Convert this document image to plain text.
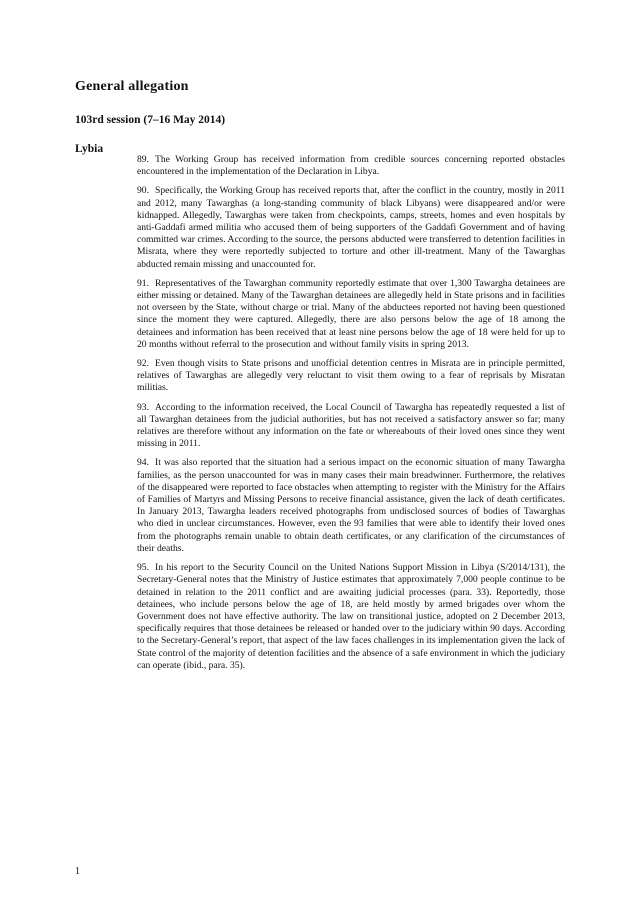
General allegation
103rd session (7–16 May 2014)
Lybia

89. The Working Group has received information from credible sources concerning reported obstacles encountered in the implementation of the Declaration in Libya.

90. Specifically, the Working Group has received reports that, after the conflict in the country, mostly in 2011 and 2012, many Tawarghas (a long-standing community of black Libyans) were disappeared and/or were kidnapped. Allegedly, Tawarghas were taken from checkpoints, camps, streets, homes and even hospitals by anti-Gaddafi armed militia who accused them of being supporters of the Gaddafi Government and of having committed war crimes. According to the source, the persons abducted were transferred to detention facilities in Misrata, where they were reportedly subjected to torture and other ill-treatment. Many of the Tawarghas abducted remain missing and unaccounted for.

91. Representatives of the Tawarghan community reportedly estimate that over 1,300 Tawargha detainees are either missing or detained. Many of the Tawarghan detainees are allegedly held in State prisons and in facilities not overseen by the State, without charge or trial. Many of the abductees reported not having been questioned since the moment they were captured. Allegedly, there are also persons below the age of 18 among the detainees and information has been received that at least nine persons below the age of 18 were held for up to 20 months without referral to the prosecution and without family visits in spring 2013.

92. Even though visits to State prisons and unofficial detention centres in Misrata are in principle permitted, relatives of Tawarghas are allegedly very reluctant to visit them owing to a fear of reprisals by Misratan militias.

93. According to the information received, the Local Council of Tawargha has repeatedly requested a list of all Tawarghan detainees from the judicial authorities, but has not received a satisfactory answer so far; many relatives are therefore without any information on the fate or whereabouts of their loved ones since they went missing in 2011.

94. It was also reported that the situation had a serious impact on the economic situation of many Tawargha families, as the person unaccounted for was in many cases their main breadwinner. Furthermore, the relatives of the disappeared were reported to face obstacles when attempting to register with the Ministry for the Affairs of Families of Martyrs and Missing Persons to receive financial assistance, given the lack of death certificates. In January 2013, Tawargha leaders received photographs from undisclosed sources of bodies of Tawarghas who died in unclear circumstances. However, even the 93 families that were able to identify their loved ones from the photographs remain unable to obtain death certificates, or any clarification of the circumstances of their deaths.

95. In his report to the Security Council on the United Nations Support Mission in Libya (S/2014/131), the Secretary-General notes that the Ministry of Justice estimates that approximately 7,000 people continue to be detained in relation to the 2011 conflict and are awaiting judicial processes (para. 33). Reportedly, those detainees, who include persons below the age of 18, are held mostly by armed brigades over whom the Government does not have effective authority. The law on transitional justice, adopted on 2 December 2013, specifically requires that those detainees be released or handed over to the judiciary within 90 days. According to the Secretary-General’s report, that aspect of the law faces challenges in its implementation given the lack of State control of the majority of detention facilities and the absence of a safe environment in which the judiciary can operate (ibid., para. 35).

1
